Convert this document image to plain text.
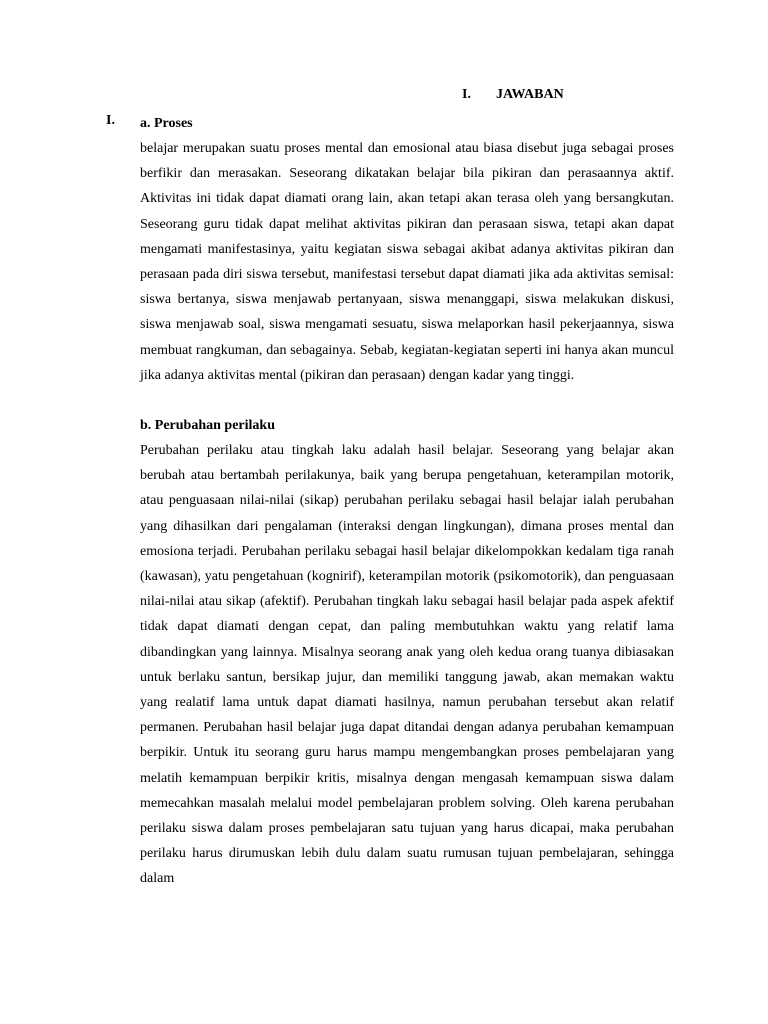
I. JAWABAN
I. a. Proses

belajar merupakan suatu proses mental dan emosional atau biasa disebut juga sebagai proses berfikir dan merasakan. Seseorang dikatakan belajar bila pikiran dan perasaannya aktif. Aktivitas ini tidak dapat diamati orang lain, akan tetapi akan terasa oleh yang bersangkutan. Seseorang guru tidak dapat melihat aktivitas pikiran dan perasaan siswa, tetapi akan dapat mengamati manifestasinya, yaitu kegiatan siswa sebagai akibat adanya aktivitas pikiran dan perasaan pada diri siswa tersebut, manifestasi tersebut dapat diamati jika ada aktivitas semisal: siswa bertanya, siswa menjawab pertanyaan, siswa menanggapi, siswa melakukan diskusi, siswa menjawab soal, siswa mengamati sesuatu, siswa melaporkan hasil pekerjaannya, siswa membuat rangkuman, dan sebagainya. Sebab, kegiatan-kegiatan seperti ini hanya akan muncul jika adanya aktivitas mental (pikiran dan perasaan) dengan kadar yang tinggi.

b. Perubahan perilaku

Perubahan perilaku atau tingkah laku adalah hasil belajar. Seseorang yang belajar akan berubah atau bertambah perilakunya, baik yang berupa pengetahuan, keterampilan motorik, atau penguasaan nilai-nilai (sikap) perubahan perilaku sebagai hasil belajar ialah perubahan yang dihasilkan dari pengalaman (interaksi dengan lingkungan), dimana proses mental dan emosiona terjadi. Perubahan perilaku sebagai hasil belajar dikelompokkan kedalam tiga ranah (kawasan), yatu pengetahuan (kognirif), keterampilan motorik (psikomotorik), dan penguasaan nilai-nilai atau sikap (afektif). Perubahan tingkah laku sebagai hasil belajar pada aspek afektif tidak dapat diamati dengan cepat, dan paling membutuhkan waktu yang relatif lama dibandingkan yang lainnya. Misalnya seorang anak yang oleh kedua orang tuanya dibiasakan untuk berlaku santun, bersikap jujur, dan memiliki tanggung jawab, akan memakan waktu yang realatif lama untuk dapat diamati hasilnya, namun perubahan tersebut akan relatif permanen. Perubahan hasil belajar juga dapat ditandai dengan adanya perubahan kemampuan berpikir. Untuk itu seorang guru harus mampu mengembangkan proses pembelajaran yang melatih kemampuan berpikir kritis, misalnya dengan mengasah kemampuan siswa dalam memecahkan masalah melalui model pembelajaran problem solving. Oleh karena perubahan perilaku siswa dalam proses pembelajaran satu tujuan yang harus dicapai, maka perubahan perilaku harus dirumuskan lebih dulu dalam suatu rumusan tujuan pembelajaran, sehingga dalam
